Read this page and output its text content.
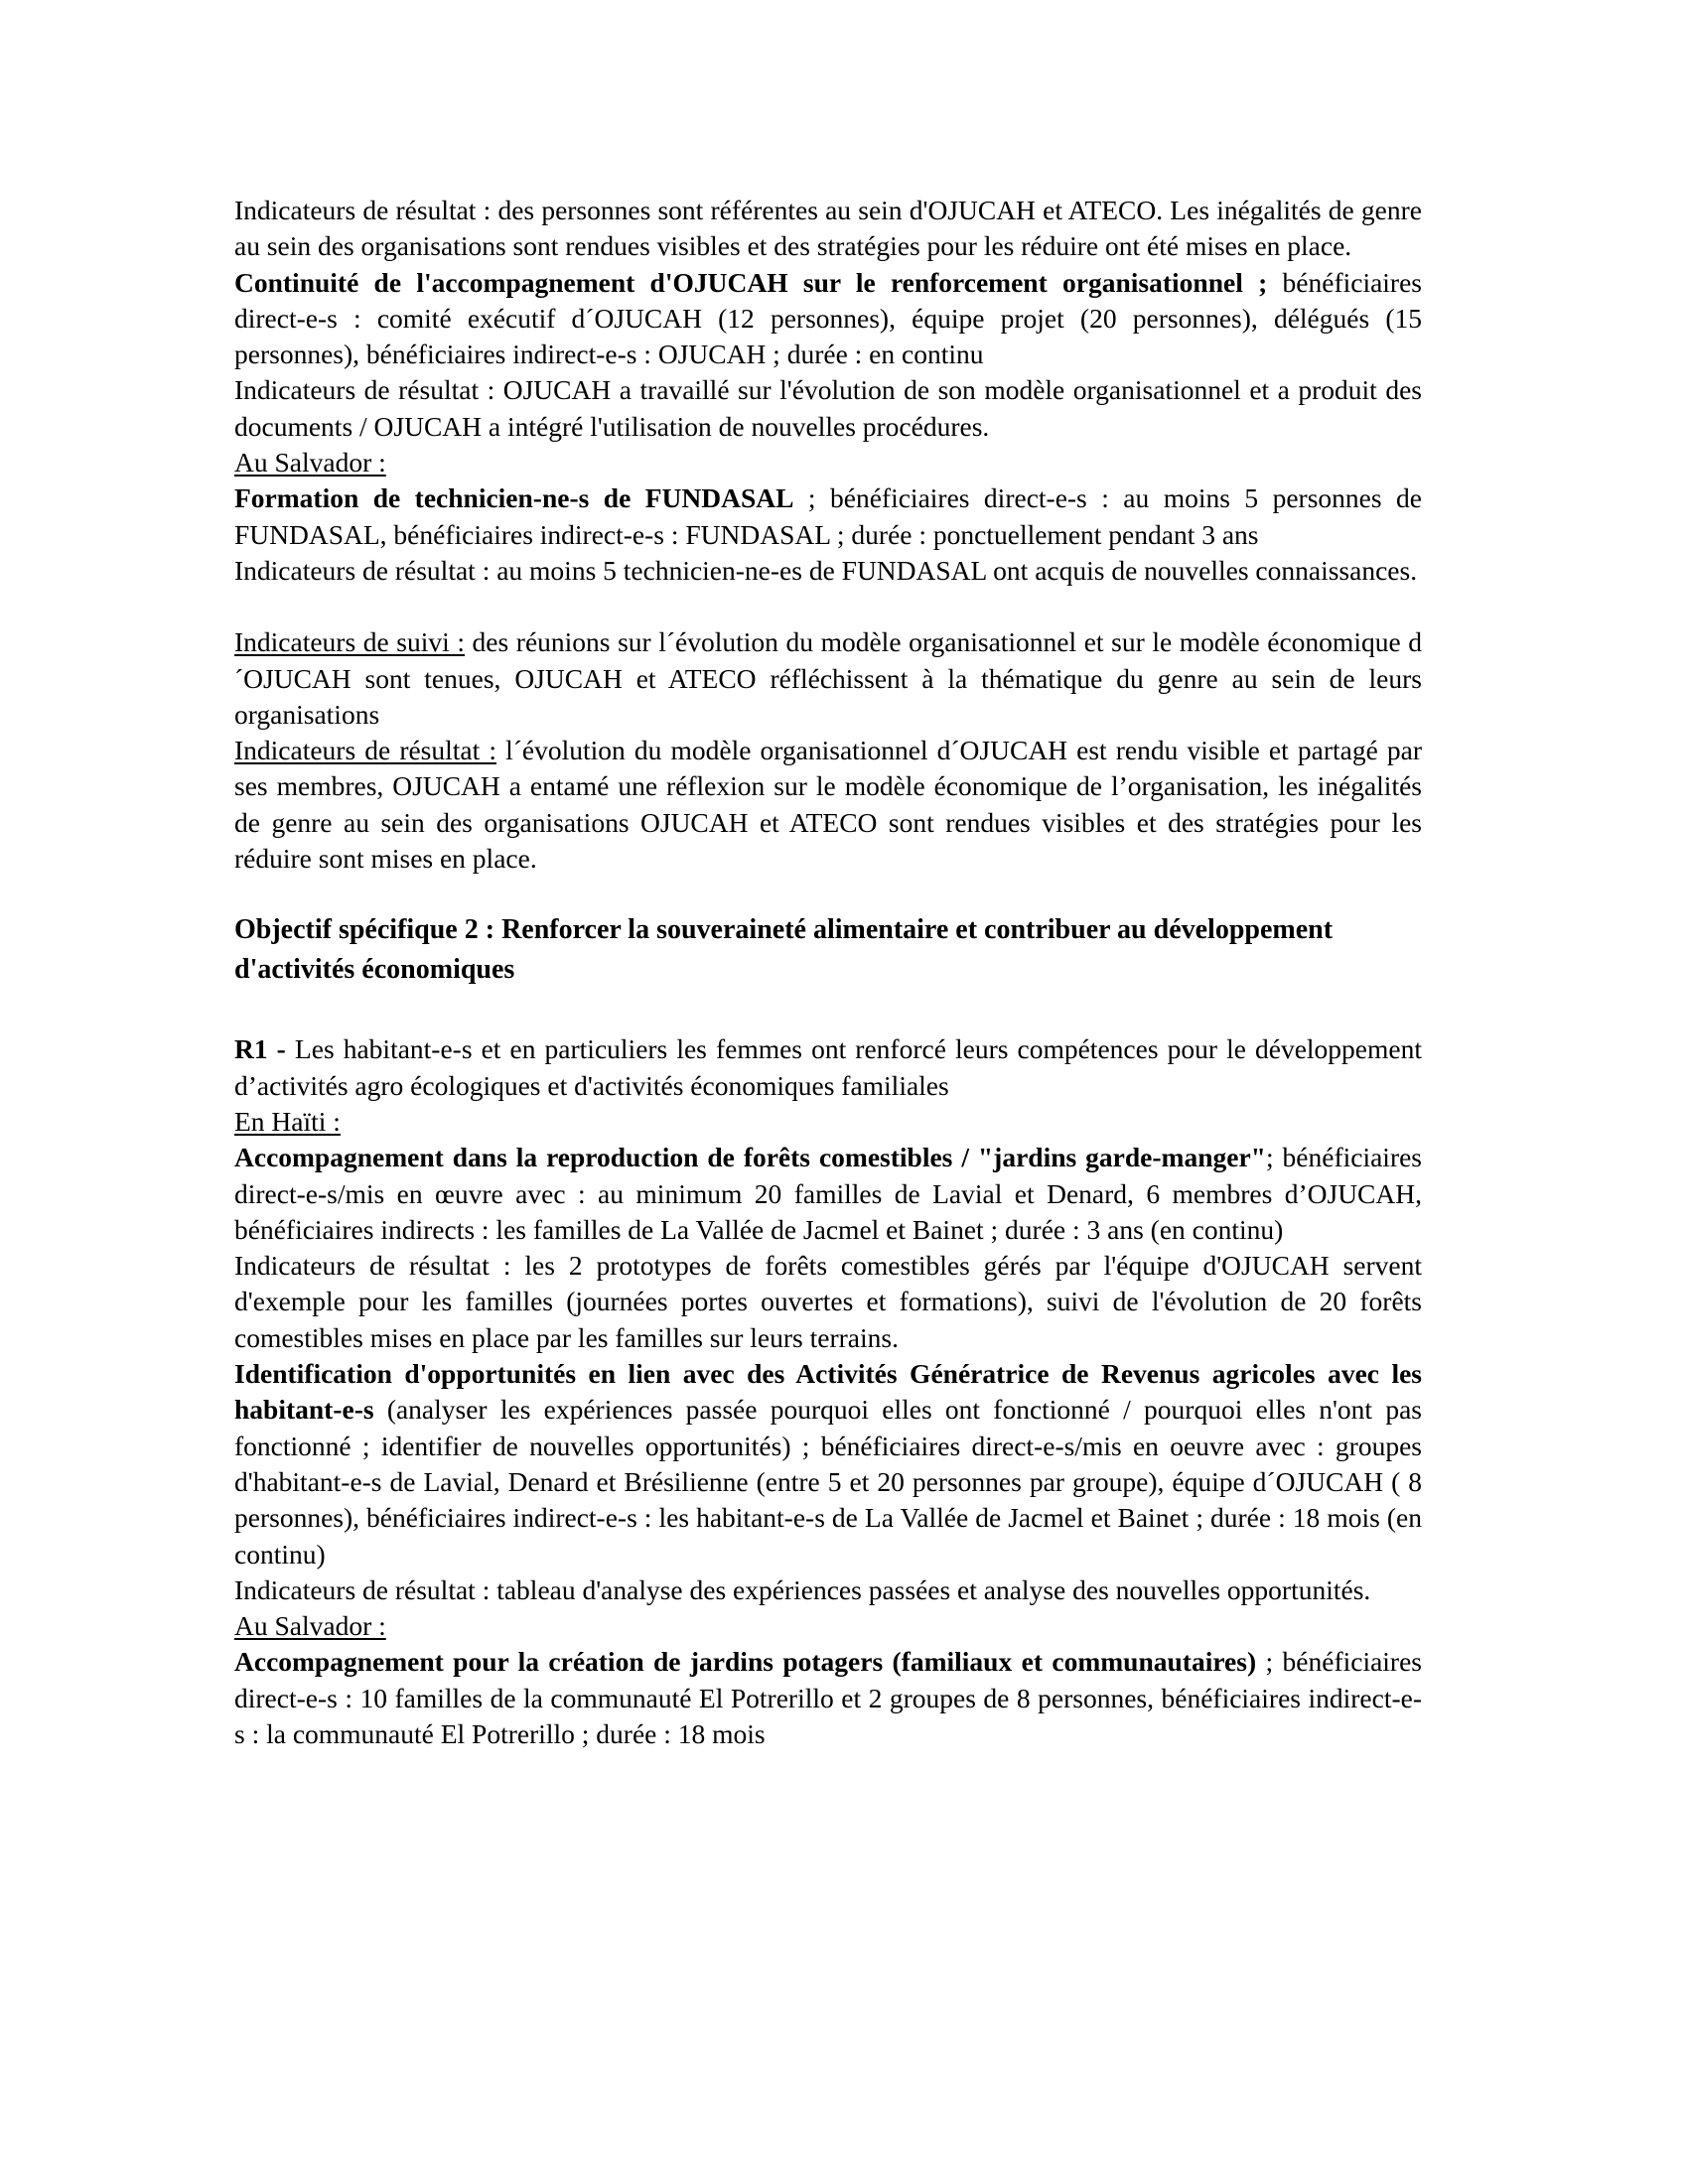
Indicateurs de résultat : des personnes sont référentes au sein d'OJUCAH et ATECO. Les inégalités de genre au sein des organisations sont rendues visibles et des stratégies pour les réduire ont été mises en place.

Continuité de l'accompagnement d'OJUCAH sur le renforcement organisationnel ; bénéficiaires direct-e-s : comité exécutif d´OJUCAH (12 personnes), équipe projet (20 personnes), délégués (15 personnes), bénéficiaires indirect-e-s : OJUCAH ; durée : en continu

Indicateurs de résultat : OJUCAH a travaillé sur l'évolution de son modèle organisationnel et a produit des documents / OJUCAH a intégré l'utilisation de nouvelles procédures.

Au Salvador :

Formation de technicien-ne-s de FUNDASAL ; bénéficiaires direct-e-s : au moins 5 personnes de FUNDASAL, bénéficiaires indirect-e-s : FUNDASAL ; durée : ponctuellement pendant 3 ans

Indicateurs de résultat : au moins 5 technicien-ne-es de FUNDASAL ont acquis de nouvelles connaissances.

Indicateurs de suivi : des réunions sur l´évolution du modèle organisationnel et sur le modèle économique d´OJUCAH sont tenues, OJUCAH et ATECO réfléchissent à la thématique du genre au sein de leurs organisations

Indicateurs de résultat : l´évolution du modèle organisationnel d´OJUCAH est rendu visible et partagé par ses membres, OJUCAH a entamé une réflexion sur le modèle économique de l’organisation, les inégalités de genre au sein des organisations OJUCAH et ATECO sont rendues visibles et des stratégies pour les réduire sont mises en place.

Objectif spécifique 2 : Renforcer la souveraineté alimentaire et contribuer au développement d'activités économiques

R1 - Les habitant-e-s et en particuliers les femmes ont renforcé leurs compétences pour le développement d’activités agro écologiques et d'activités économiques familiales

En Haïti :

Accompagnement dans la reproduction de forêts comestibles / "jardins garde-manger"; bénéficiaires direct-e-s/mis en œuvre avec : au minimum 20 familles de Lavial et Denard, 6 membres d’OJUCAH, bénéficiaires indirects : les familles de La Vallée de Jacmel et Bainet ; durée : 3 ans (en continu)

Indicateurs de résultat : les 2 prototypes de forêts comestibles gérés par l'équipe d'OJUCAH servent d'exemple pour les familles (journées portes ouvertes et formations), suivi de l'évolution de 20 forêts comestibles mises en place par les familles sur leurs terrains.

Identification d'opportunités en lien avec des Activités Génératrice de Revenus agricoles avec les habitant-e-s (analyser les expériences passée pourquoi elles ont fonctionné / pourquoi elles n'ont pas fonctionné ; identifier de nouvelles opportunités) ; bénéficiaires direct-e-s/mis en oeuvre avec : groupes d'habitant-e-s de Lavial, Denard et Brésilienne (entre 5 et 20 personnes par groupe), équipe d´OJUCAH ( 8 personnes), bénéficiaires indirect-e-s : les habitant-e-s de La Vallée de Jacmel et Bainet ; durée : 18 mois (en continu)

Indicateurs de résultat : tableau d'analyse des expériences passées et analyse des nouvelles opportunités.

Au Salvador :

Accompagnement pour la création de jardins potagers (familiaux et communautaires) ; bénéficiaires direct-e-s : 10 familles de la communauté El Potrerillo et 2 groupes de 8 personnes, bénéficiaires indirect-e-s : la communauté El Potrerillo ; durée : 18 mois
